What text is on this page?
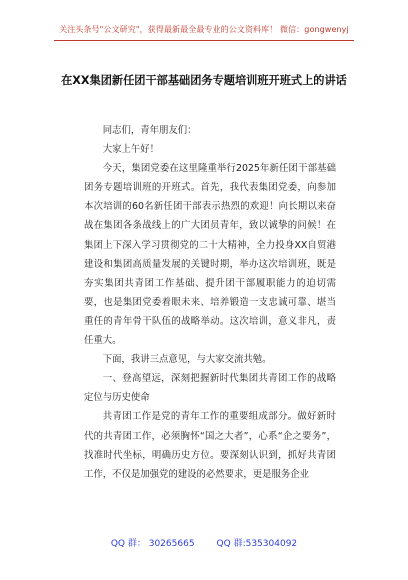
关注头条号"公文研究"，获得最新最全最专业的公文资料库！ 微信：gongwenyj
在XX集团新任团干部基础团务专题培训班开班式上的讲话

同志们，青年朋友们：

大家上午好！

今天，集团党委在这里隆重举行2025年新任团干部基础团务专题培训班的开班式。首先，我代表集团党委，向参加本次培训的60名新任团干部表示热烈的欢迎！向长期以来奋战在集团各条战线上的广大团员青年，致以诚挚的问候！在集团上下深入学习贯彻党的二十大精神，全力投身XX自贸港建设和集团高质量发展的关键时期，举办这次培训班，既是夯实集团共青团工作基础、提升团干部履职能力的迫切需要，也是集团党委着眼未来、培养锻造一支忠诚可靠、堪当重任的青年骨干队伍的战略举动。这次培训，意义非凡，责任重大。

下面，我讲三点意见，与大家交流共勉。

一、登高望远，深刻把握新时代集团共青团工作的战略定位与历史使命

共青团工作是党的青年工作的重要组成部分。做好新时代的共青团工作，必须胸怀“国之大者”，心系“企之要务”，找准时代坐标，明确历史方位。要深刻认识到，抓好共青团工作，不仅是加强党的建设的必然要求，更是服务企业

QQ 群： 30265665 QQ 群:535304092
